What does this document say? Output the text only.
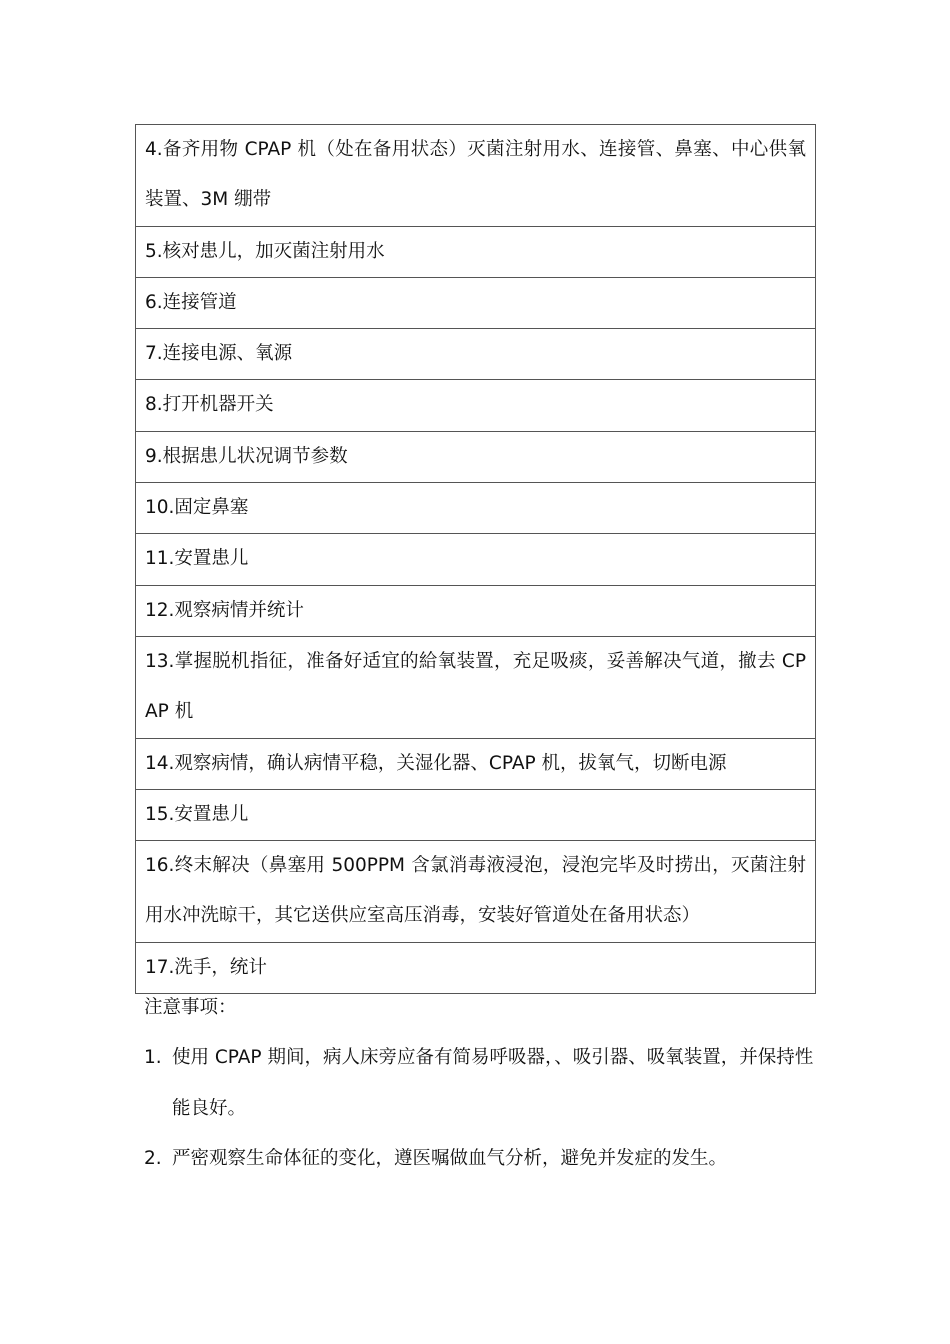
4.备齐用物 CPAP 机（处在备用状态）灭菌注射用水、连接管、鼻塞、中心供氧装置、3M 绷带
5.核对患儿，加灭菌注射用水
6.连接管道
7.连接电源、氧源
8.打开机器开关
9.根据患儿状况调节参数
10.固定鼻塞
11.安置患儿
12.观察病情并统计
13.掌握脱机指征，准备好适宜的給氧装置，充足吸痰，妥善解决气道，撤去 CPAP 机
14.观察病情，确认病情平稳，关湿化器、CPAP 机，拔氧气，切断电源
15.安置患儿
16.终末解决（鼻塞用 500PPM 含氯消毒液浸泡，浸泡完毕及时捞出，灭菌注射用水冲洗晾干，其它送供应室高压消毒，安装好管道处在备用状态）
17.洗手，统计

注意事项：

1. 使用 CPAP 期间，病人床旁应备有简易呼吸器，、吸引器、吸氧装置，并保持性能良好。
2. 严密观察生命体征的变化，遵医嘱做血气分析，避免并发症的发生。
